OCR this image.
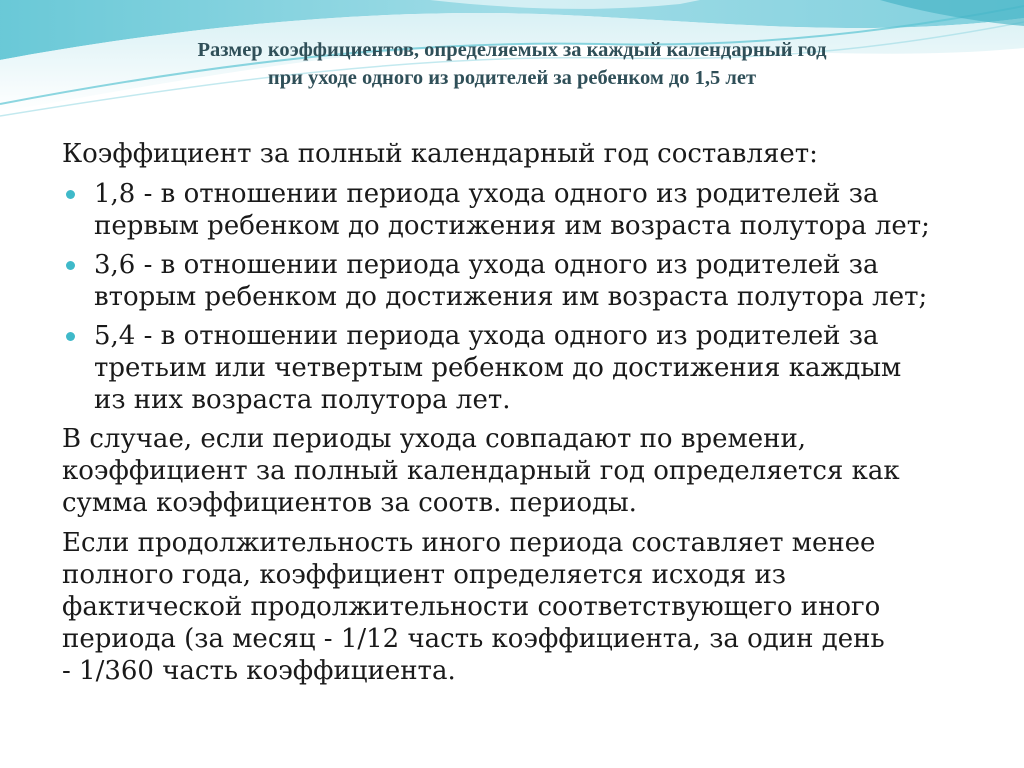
Размер коэффициентов, определяемых за каждый календарный год
при уходе одного из родителей за ребенком до 1,5 лет
Коэффициент за полный календарный год составляет:
1,8 - в отношении периода ухода одного из родителей за
первым ребенком до достижения им возраста полутора лет;
3,6 - в отношении периода ухода одного из родителей за
вторым ребенком до достижения им возраста полутора лет;
5,4 - в отношении периода ухода одного из родителей за
третьим или четвертым ребенком до достижения каждым
из них возраста полутора лет.
В случае, если периоды ухода совпадают по времени,
коэффициент за полный календарный год определяется как
сумма коэффициентов за соотв. периоды.
Если продолжительность иного периода составляет менее
полного года, коэффициент определяется исходя из
фактической продолжительности соответствующего иного
периода (за месяц - 1/12 часть коэффициента, за один день
- 1/360 часть коэффициента.
